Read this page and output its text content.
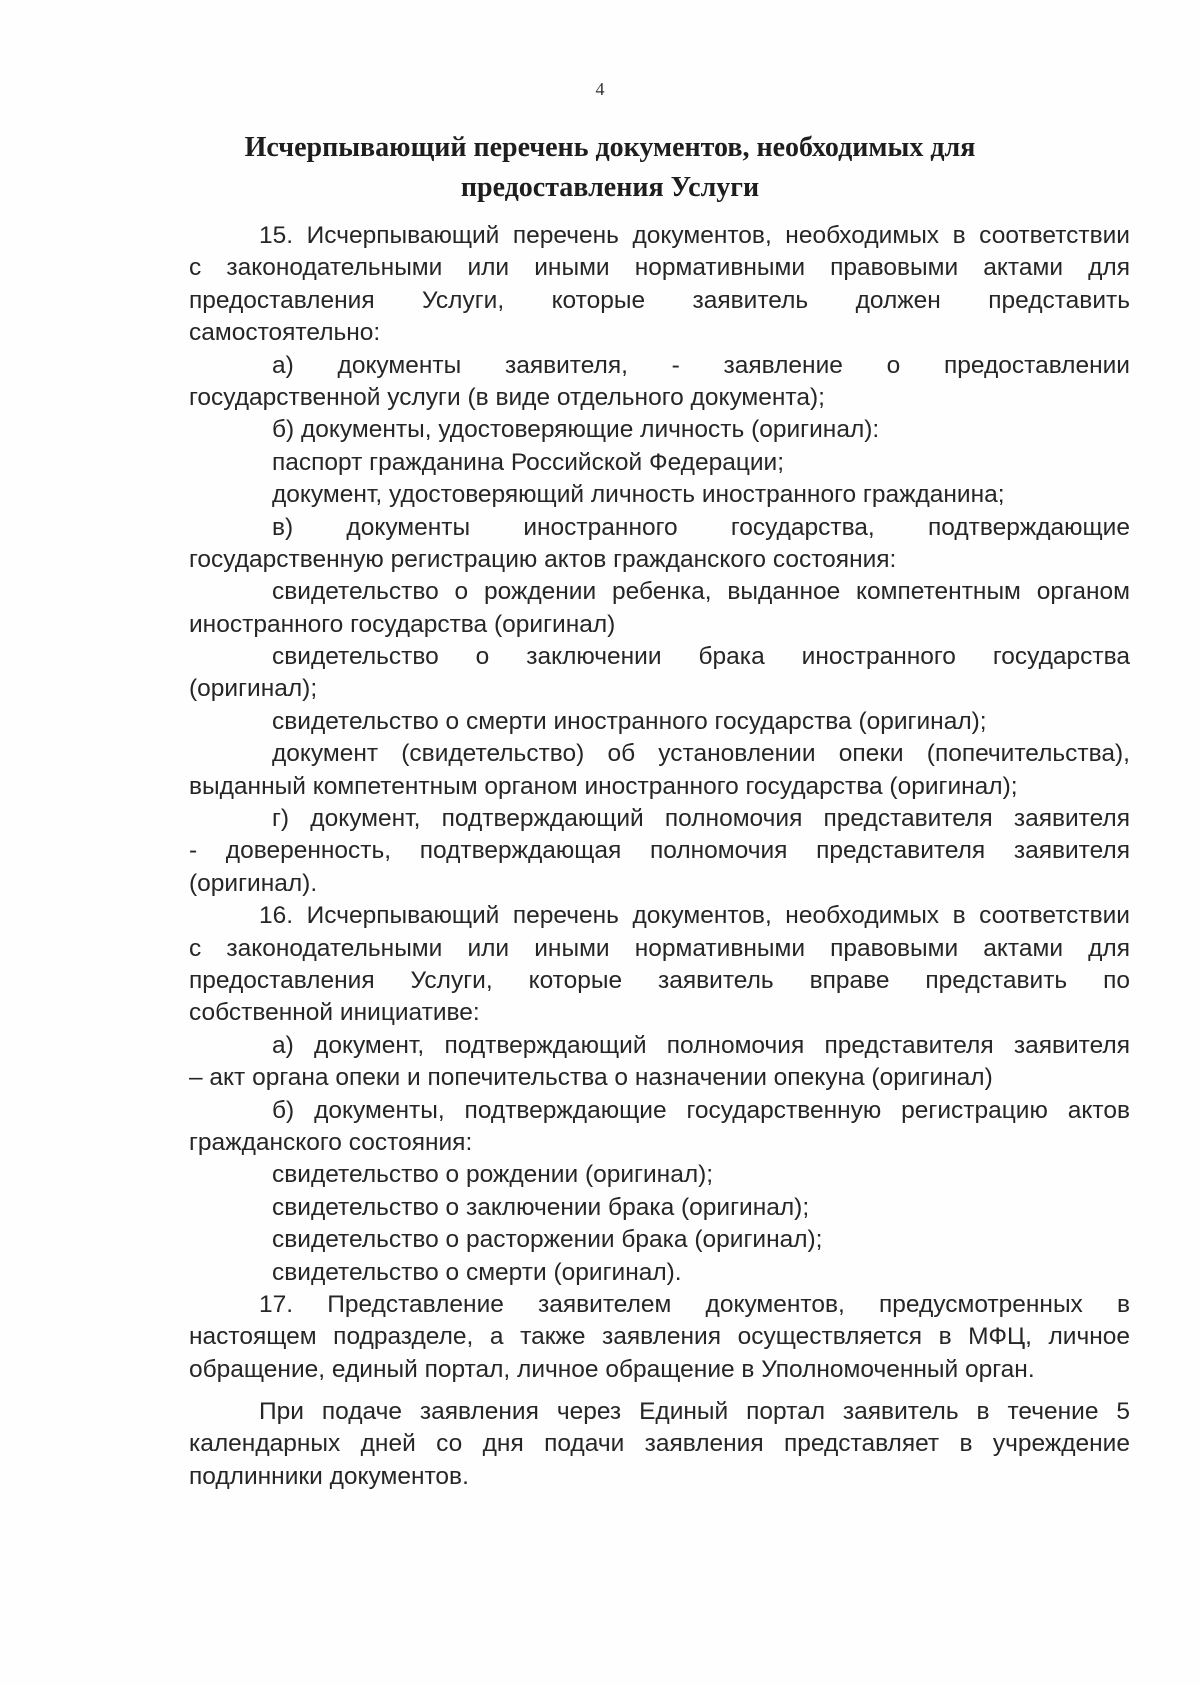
4
Исчерпывающий перечень документов, необходимых для
предоставления Услуги
15. Исчерпывающий перечень документов, необходимых в соответствии
с законодательными или иными нормативными правовыми актами для
предоставления Услуги, которые заявитель должен представить
самостоятельно:
а) документы заявителя, - заявление о предоставлении
государственной услуги (в виде отдельного документа);
б) документы, удостоверяющие личность (оригинал):
паспорт гражданина Российской Федерации;
документ, удостоверяющий личность иностранного гражданина;
в) документы иностранного государства, подтверждающие
государственную регистрацию актов гражданского состояния:
свидетельство о рождении ребенка, выданное компетентным органом
иностранного государства (оригинал)
свидетельство о заключении брака иностранного государства
(оригинал);
свидетельство о смерти иностранного государства (оригинал);
документ (свидетельство) об установлении опеки (попечительства),
выданный компетентным органом иностранного государства (оригинал);
г) документ, подтверждающий полномочия представителя заявителя
- доверенность, подтверждающая полномочия представителя заявителя
(оригинал).
16. Исчерпывающий перечень документов, необходимых в соответствии
с законодательными или иными нормативными правовыми актами для
предоставления Услуги, которые заявитель вправе представить по
собственной инициативе:
а) документ, подтверждающий полномочия представителя заявителя
– акт органа опеки и попечительства о назначении опекуна (оригинал)
б) документы, подтверждающие государственную регистрацию актов
гражданского состояния:
свидетельство о рождении (оригинал);
свидетельство о заключении брака (оригинал);
свидетельство о расторжении брака (оригинал);
свидетельство о смерти (оригинал).
17. Представление заявителем документов, предусмотренных в
настоящем подразделе, а также заявления осуществляется в МФЦ, личное
обращение, единый портал, личное обращение в Уполномоченный орган.
При подаче заявления через Единый портал заявитель в течение 5
календарных дней со дня подачи заявления представляет в учреждение
подлинники документов.
